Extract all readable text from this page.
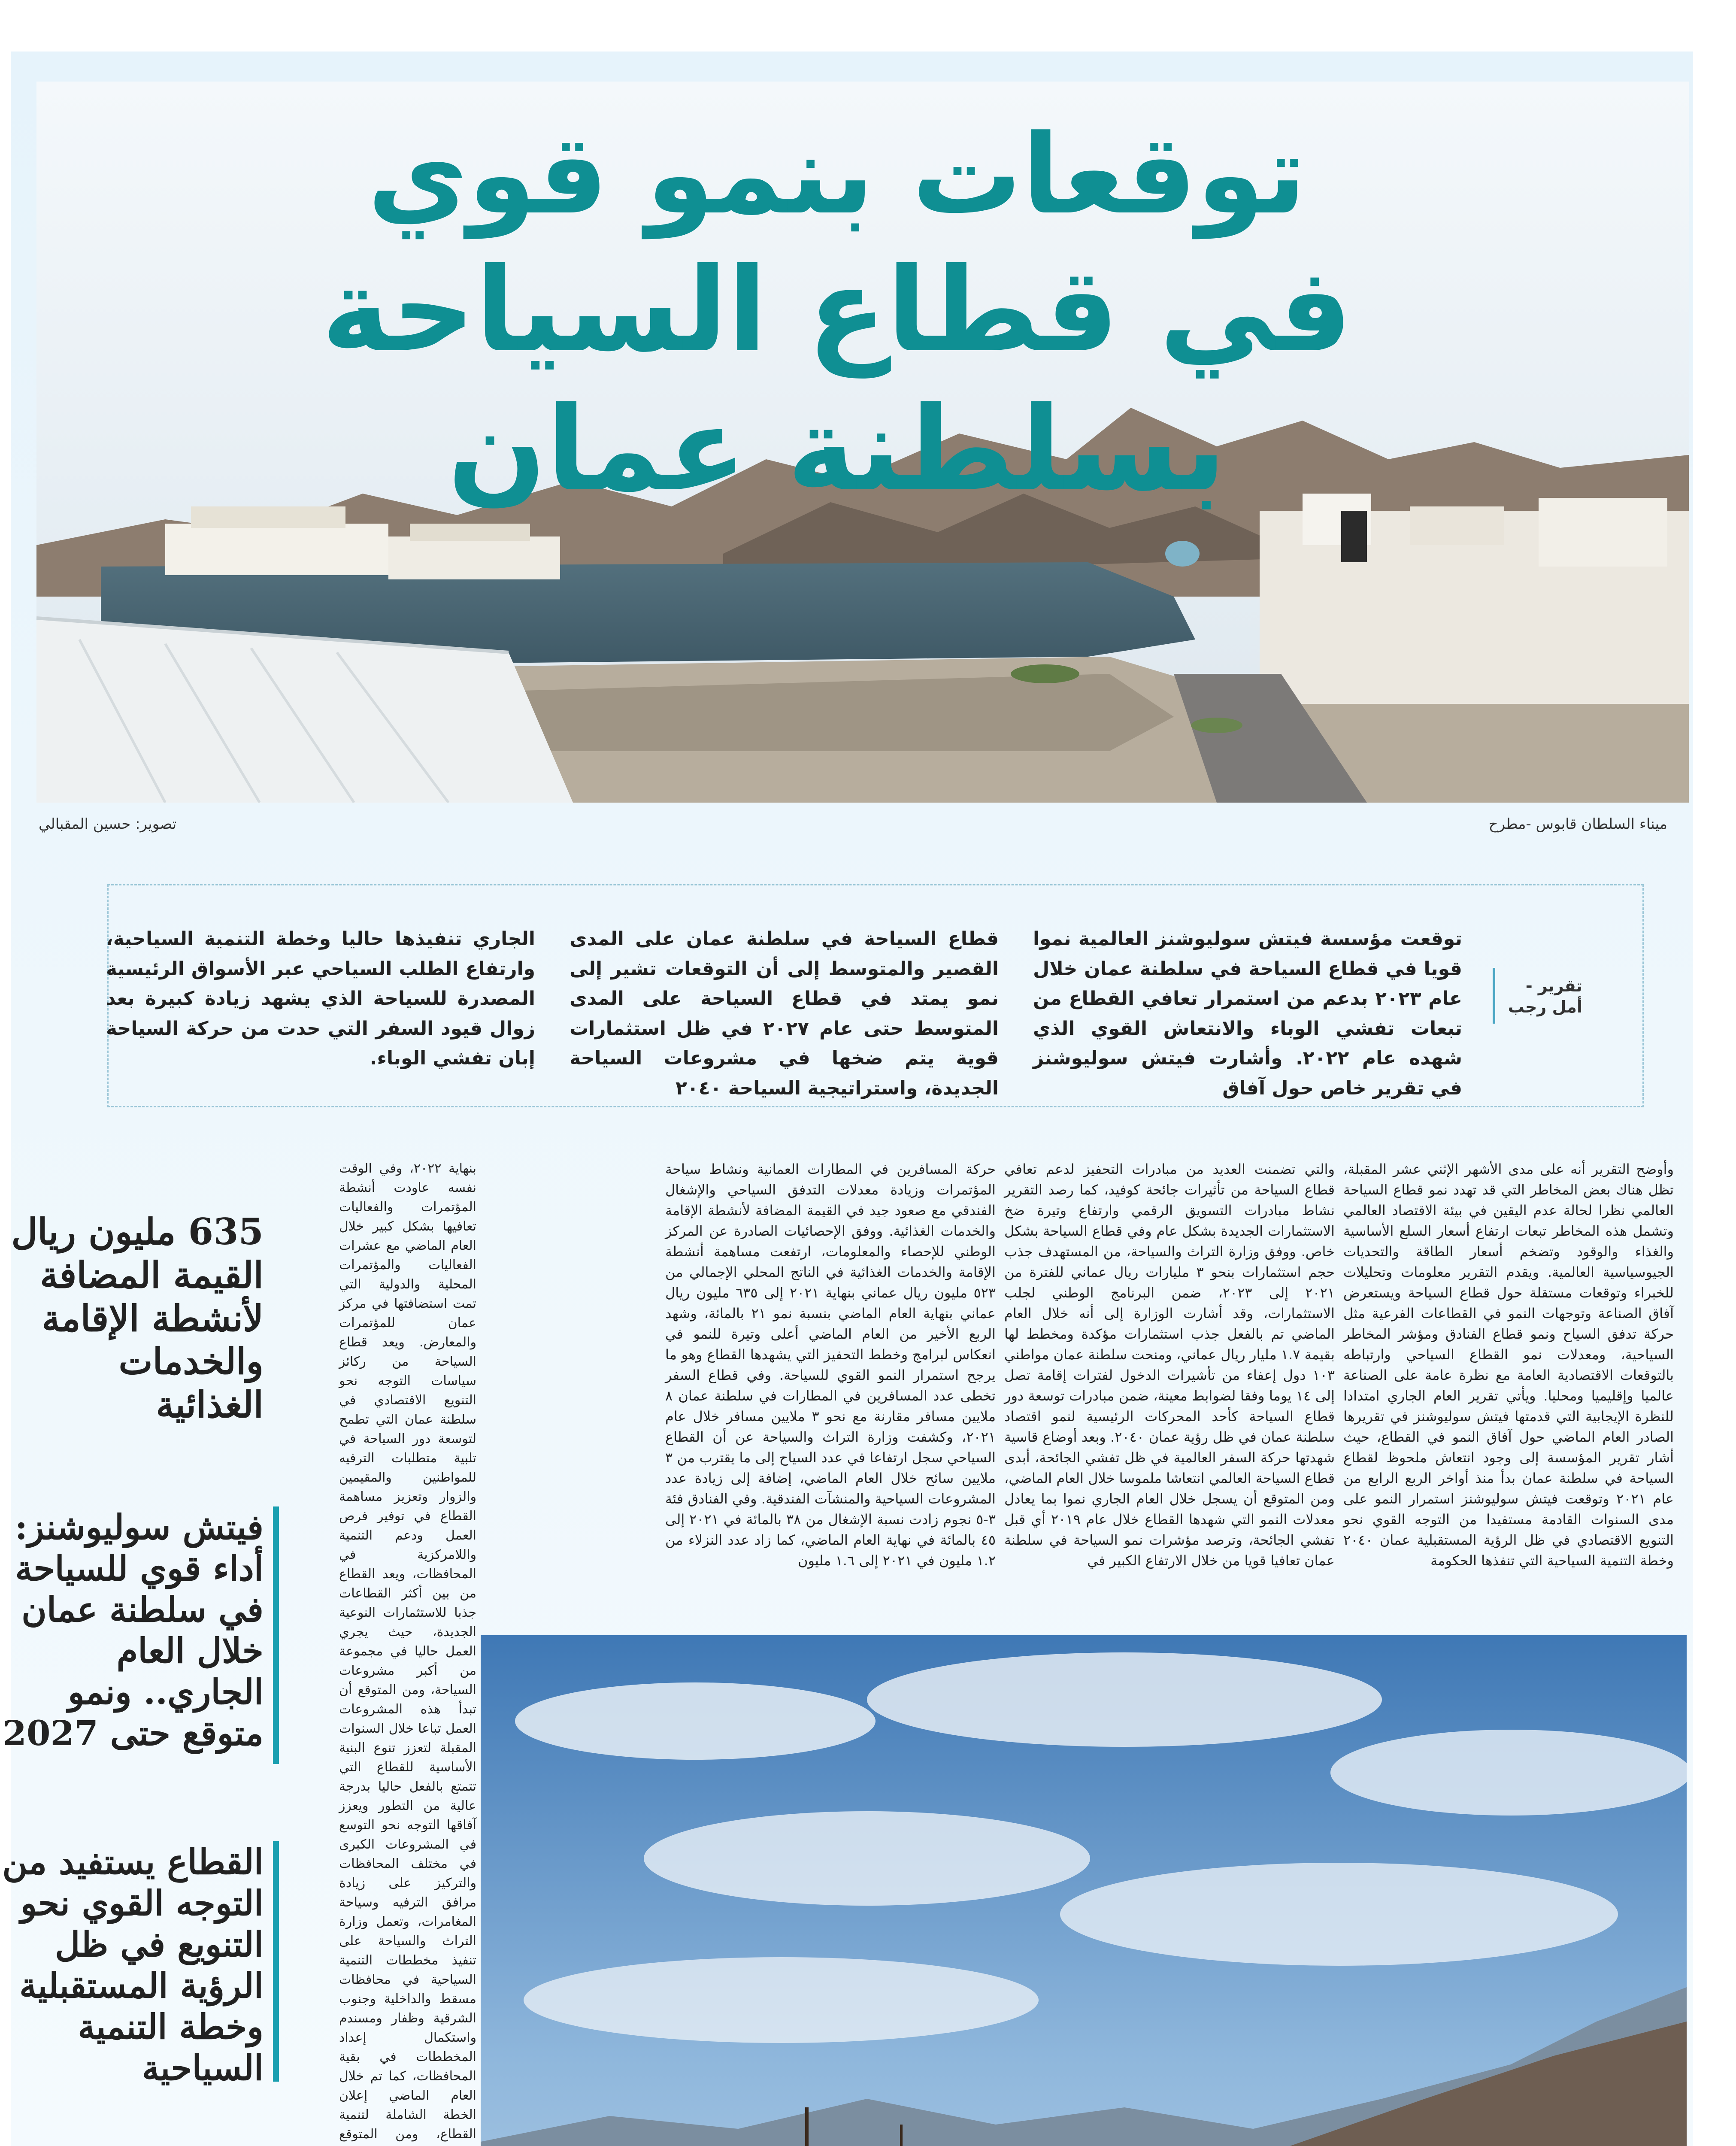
توقعات بنمو قوي
في قطاع السياحة بسلطنة عمان
ميناء السلطان قابوس -مطرح
تصوير: حسين المقبالي
تقرير -
أمل رجب
توقعت مؤسسة فيتش سوليوشنز العالمية نموا قويا في قطاع السياحة في سلطنة عمان خلال عام ٢٠٢٣ بدعم من استمرار تعافي القطاع من تبعات تفشي الوباء والانتعاش القوي الذي شهده عام ٢٠٢٢. وأشارت فيتش سوليوشنز في تقرير خاص حول آفاق
قطاع السياحة في سلطنة عمان على المدى القصير والمتوسط إلى أن التوقعات تشير إلى نمو يمتد في قطاع السياحة على المدى المتوسط حتى عام ٢٠٢٧ في ظل استثمارات قوية يتم ضخها في مشروعات السياحة الجديدة، واستراتيجية السياحة ٢٠٤٠
الجاري تنفيذها حاليا وخطة التنمية السياحية، وارتفاع الطلب السياحي عبر الأسواق الرئيسية المصدرة للسياحة الذي يشهد زيادة كبيرة بعد زوال قيود السفر التي حدت من حركة السياحة إبان تفشي الوباء.
وأوضح التقرير أنه على مدى الأشهر الإثني عشر المقبلة، تظل هناك بعض المخاطر التي قد تهدد نمو قطاع السياحة العالمي نظرا لحالة عدم اليقين في بيئة الاقتصاد العالمي وتشمل هذه المخاطر تبعات ارتفاع أسعار السلع الأساسية والغذاء والوقود وتضخم أسعار الطاقة والتحديات الجيوسياسية العالمية. ويقدم التقرير معلومات وتحليلات للخبراء وتوقعات مستقلة حول قطاع السياحة ويستعرض آفاق الصناعة وتوجهات النمو في القطاعات الفرعية مثل حركة تدفق السياح ونمو قطاع الفنادق ومؤشر المخاطر السياحية، ومعدلات نمو القطاع السياحي وارتباطه بالتوقعات الاقتصادية العامة مع نظرة عامة على الصناعة عالميا وإقليميا ومحليا. ويأتي تقرير العام الجاري امتدادا للنظرة الإيجابية التي قدمتها فيتش سوليوشنز في تقريرها الصادر العام الماضي حول آفاق النمو في القطاع، حيث أشار تقرير المؤسسة إلى وجود انتعاش ملحوظ لقطاع السياحة في سلطنة عمان بدأ منذ أواخر الربع الرابع من عام ٢٠٢١ وتوقعت فيتش سوليوشنز استمرار النمو على مدى السنوات القادمة مستفيدا من التوجه القوي نحو التنويع الاقتصادي في ظل الرؤية المستقبلية عمان ٢٠٤٠ وخطة التنمية السياحية التي تنفذها الحكومة
والتي تضمنت العديد من مبادرات التحفيز لدعم تعافي قطاع السياحة من تأثيرات جائحة كوفيد، كما رصد التقرير نشاط مبادرات التسويق الرقمي وارتفاع وتيرة ضخ الاستثمارات الجديدة بشكل عام وفي قطاع السياحة بشكل خاص. ووفق وزارة التراث والسياحة، من المستهدف جذب حجم استثمارات بنحو ٣ مليارات ريال عماني للفترة من ٢٠٢١ إلى ٢٠٢٣، ضمن البرنامج الوطني لجلب الاستثمارات، وقد أشارت الوزارة إلى أنه خلال العام الماضي تم بالفعل جذب استثمارات مؤكدة ومخطط لها بقيمة ١.٧ مليار ريال عماني، ومنحت سلطنة عمان مواطني ١٠٣ دول إعفاء من تأشيرات الدخول لفترات إقامة تصل إلى ١٤ يوما وفقا لضوابط معينة، ضمن مبادرات توسعة دور قطاع السياحة كأحد المحركات الرئيسية لنمو اقتصاد سلطنة عمان في ظل رؤية عمان ٢٠٤٠. وبعد أوضاع قاسية شهدتها حركة السفر العالمية في ظل تفشي الجائحة، أبدى قطاع السياحة العالمي انتعاشا ملموسا خلال العام الماضي، ومن المتوقع أن يسجل خلال العام الجاري نموا بما يعادل معدلات النمو التي شهدها القطاع خلال عام ٢٠١٩ أي قبل تفشي الجائحة، وترصد مؤشرات نمو السياحة في سلطنة عمان تعافيا قويا من خلال الارتفاع الكبير في
حركة المسافرين في المطارات العمانية ونشاط سياحة المؤتمرات وزيادة معدلات التدفق السياحي والإشغال الفندقي مع صعود جيد في القيمة المضافة لأنشطة الإقامة والخدمات الغذائية. ووفق الإحصائيات الصادرة عن المركز الوطني للإحصاء والمعلومات، ارتفعت مساهمة أنشطة الإقامة والخدمات الغذائية في الناتج المحلي الإجمالي من ٥٢٣ مليون ريال عماني بنهاية ٢٠٢١ إلى ٦٣٥ مليون ريال عماني بنهاية العام الماضي بنسبة نمو ٢١ بالمائة، وشهد الربع الأخير من العام الماضي أعلى وتيرة للنمو في انعكاس لبرامج وخطط التحفيز التي يشهدها القطاع وهو ما يرجح استمرار النمو القوي للسياحة. وفي قطاع السفر تخطى عدد المسافرين في المطارات في سلطنة عمان ٨ ملايين مسافر مقارنة مع نحو ٣ ملايين مسافر خلال عام ٢٠٢١، وكشفت وزارة التراث والسياحة عن أن القطاع السياحي سجل ارتفاعا في عدد السياح إلى ما يقترب من ٣ ملايين سائح خلال العام الماضي، إضافة إلى زيادة عدد المشروعات السياحية والمنشآت الفندقية. وفي الفنادق فئة ٣-٥ نجوم زادت نسبة الإشغال من ٣٨ بالمائة في ٢٠٢١ إلى ٤٥ بالمائة في نهاية العام الماضي، كما زاد عدد النزلاء من ١.٢ مليون في ٢٠٢١ إلى ١.٦ مليون
بنهاية ٢٠٢٢، وفي الوقت نفسه عاودت أنشطة المؤتمرات والفعاليات تعافيها بشكل كبير خلال العام الماضي مع عشرات الفعاليات والمؤتمرات المحلية والدولية التي تمت استضافتها في مركز عمان للمؤتمرات والمعارض. ويعد قطاع السياحة من ركائز سياسات التوجه نحو التنويع الاقتصادي في سلطنة عمان التي تطمح لتوسعة دور السياحة في تلبية متطلبات الترفيه للمواطنين والمقيمين والزوار وتعزيز مساهمة القطاع في توفير فرص العمل ودعم التنمية واللامركزية في المحافظات، ويعد القطاع من بين أكثر القطاعات جذبا للاستثمارات النوعية الجديدة، حيث يجري العمل حاليا في مجموعة من أكبر مشروعات السياحة، ومن المتوقع أن تبدأ هذه المشروعات العمل تباعا خلال السنوات المقبلة لتعزز تنوع البنية الأساسية للقطاع التي تتمتع بالفعل حاليا بدرجة عالية من التطور ويعزز آفاقها التوجه نحو التوسع في المشروعات الكبرى في مختلف المحافظات والتركيز على زيادة مرافق الترفيه وسياحة المغامرات، وتعمل وزارة التراث والسياحة على تنفيذ مخططات التنمية السياحية في محافظات مسقط والداخلية وجنوب الشرقية وظفار ومسندم واستكمال إعداد المخططات في بقية المحافظات، كما تم خلال العام الماضي إعلان الخطة الشاملة لتنمية القطاع، ومن المتوقع
635 مليون ريال القيمة المضافة لأنشطة الإقامة والخدمات الغذائية
فيتش سوليوشنز: أداء قوي للسياحة في سلطنة عمان خلال العام الجاري.. ونمو متوقع حتى 2027
القطاع يستفيد من التوجه القوي نحو التنويع في ظل الرؤية المستقبلية وخطة التنمية السياحية
